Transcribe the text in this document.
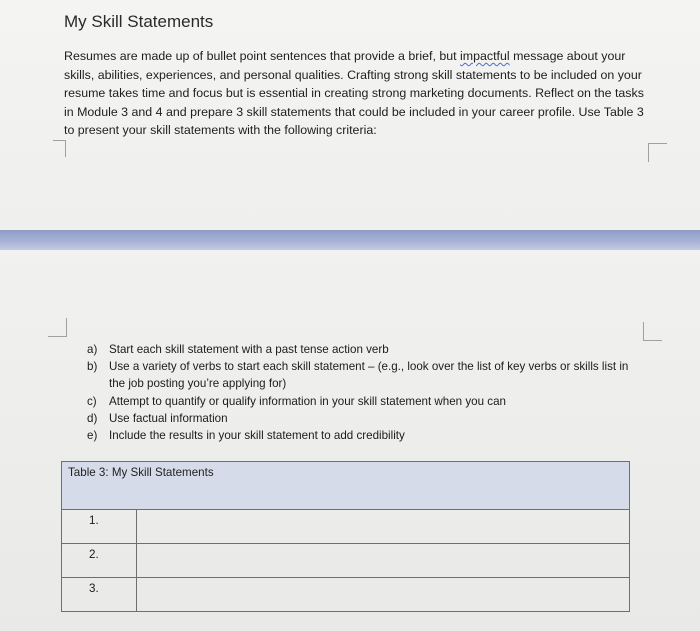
My Skill Statements

Resumes are made up of bullet point sentences that provide a brief, but impactful message about your skills, abilities, experiences, and personal qualities. Crafting strong skill statements to be included on your resume takes time and focus but is essential in creating strong marketing documents. Reflect on the tasks in Module 3 and 4 and prepare 3 skill statements that could be included in your career profile. Use Table 3 to present your skill statements with the following criteria:

a)	Start each skill statement with a past tense action verb
b)	Use a variety of verbs to start each skill statement – (e.g., look over the list of key verbs or skills list in the job posting you’re applying for)
c)	Attempt to quantify or qualify information in your skill statement when you can
d)	Use factual information
e)	Include the results in your skill statement to add credibility
Table 3: My Skill Statements	
1.	
2.	
3.	
